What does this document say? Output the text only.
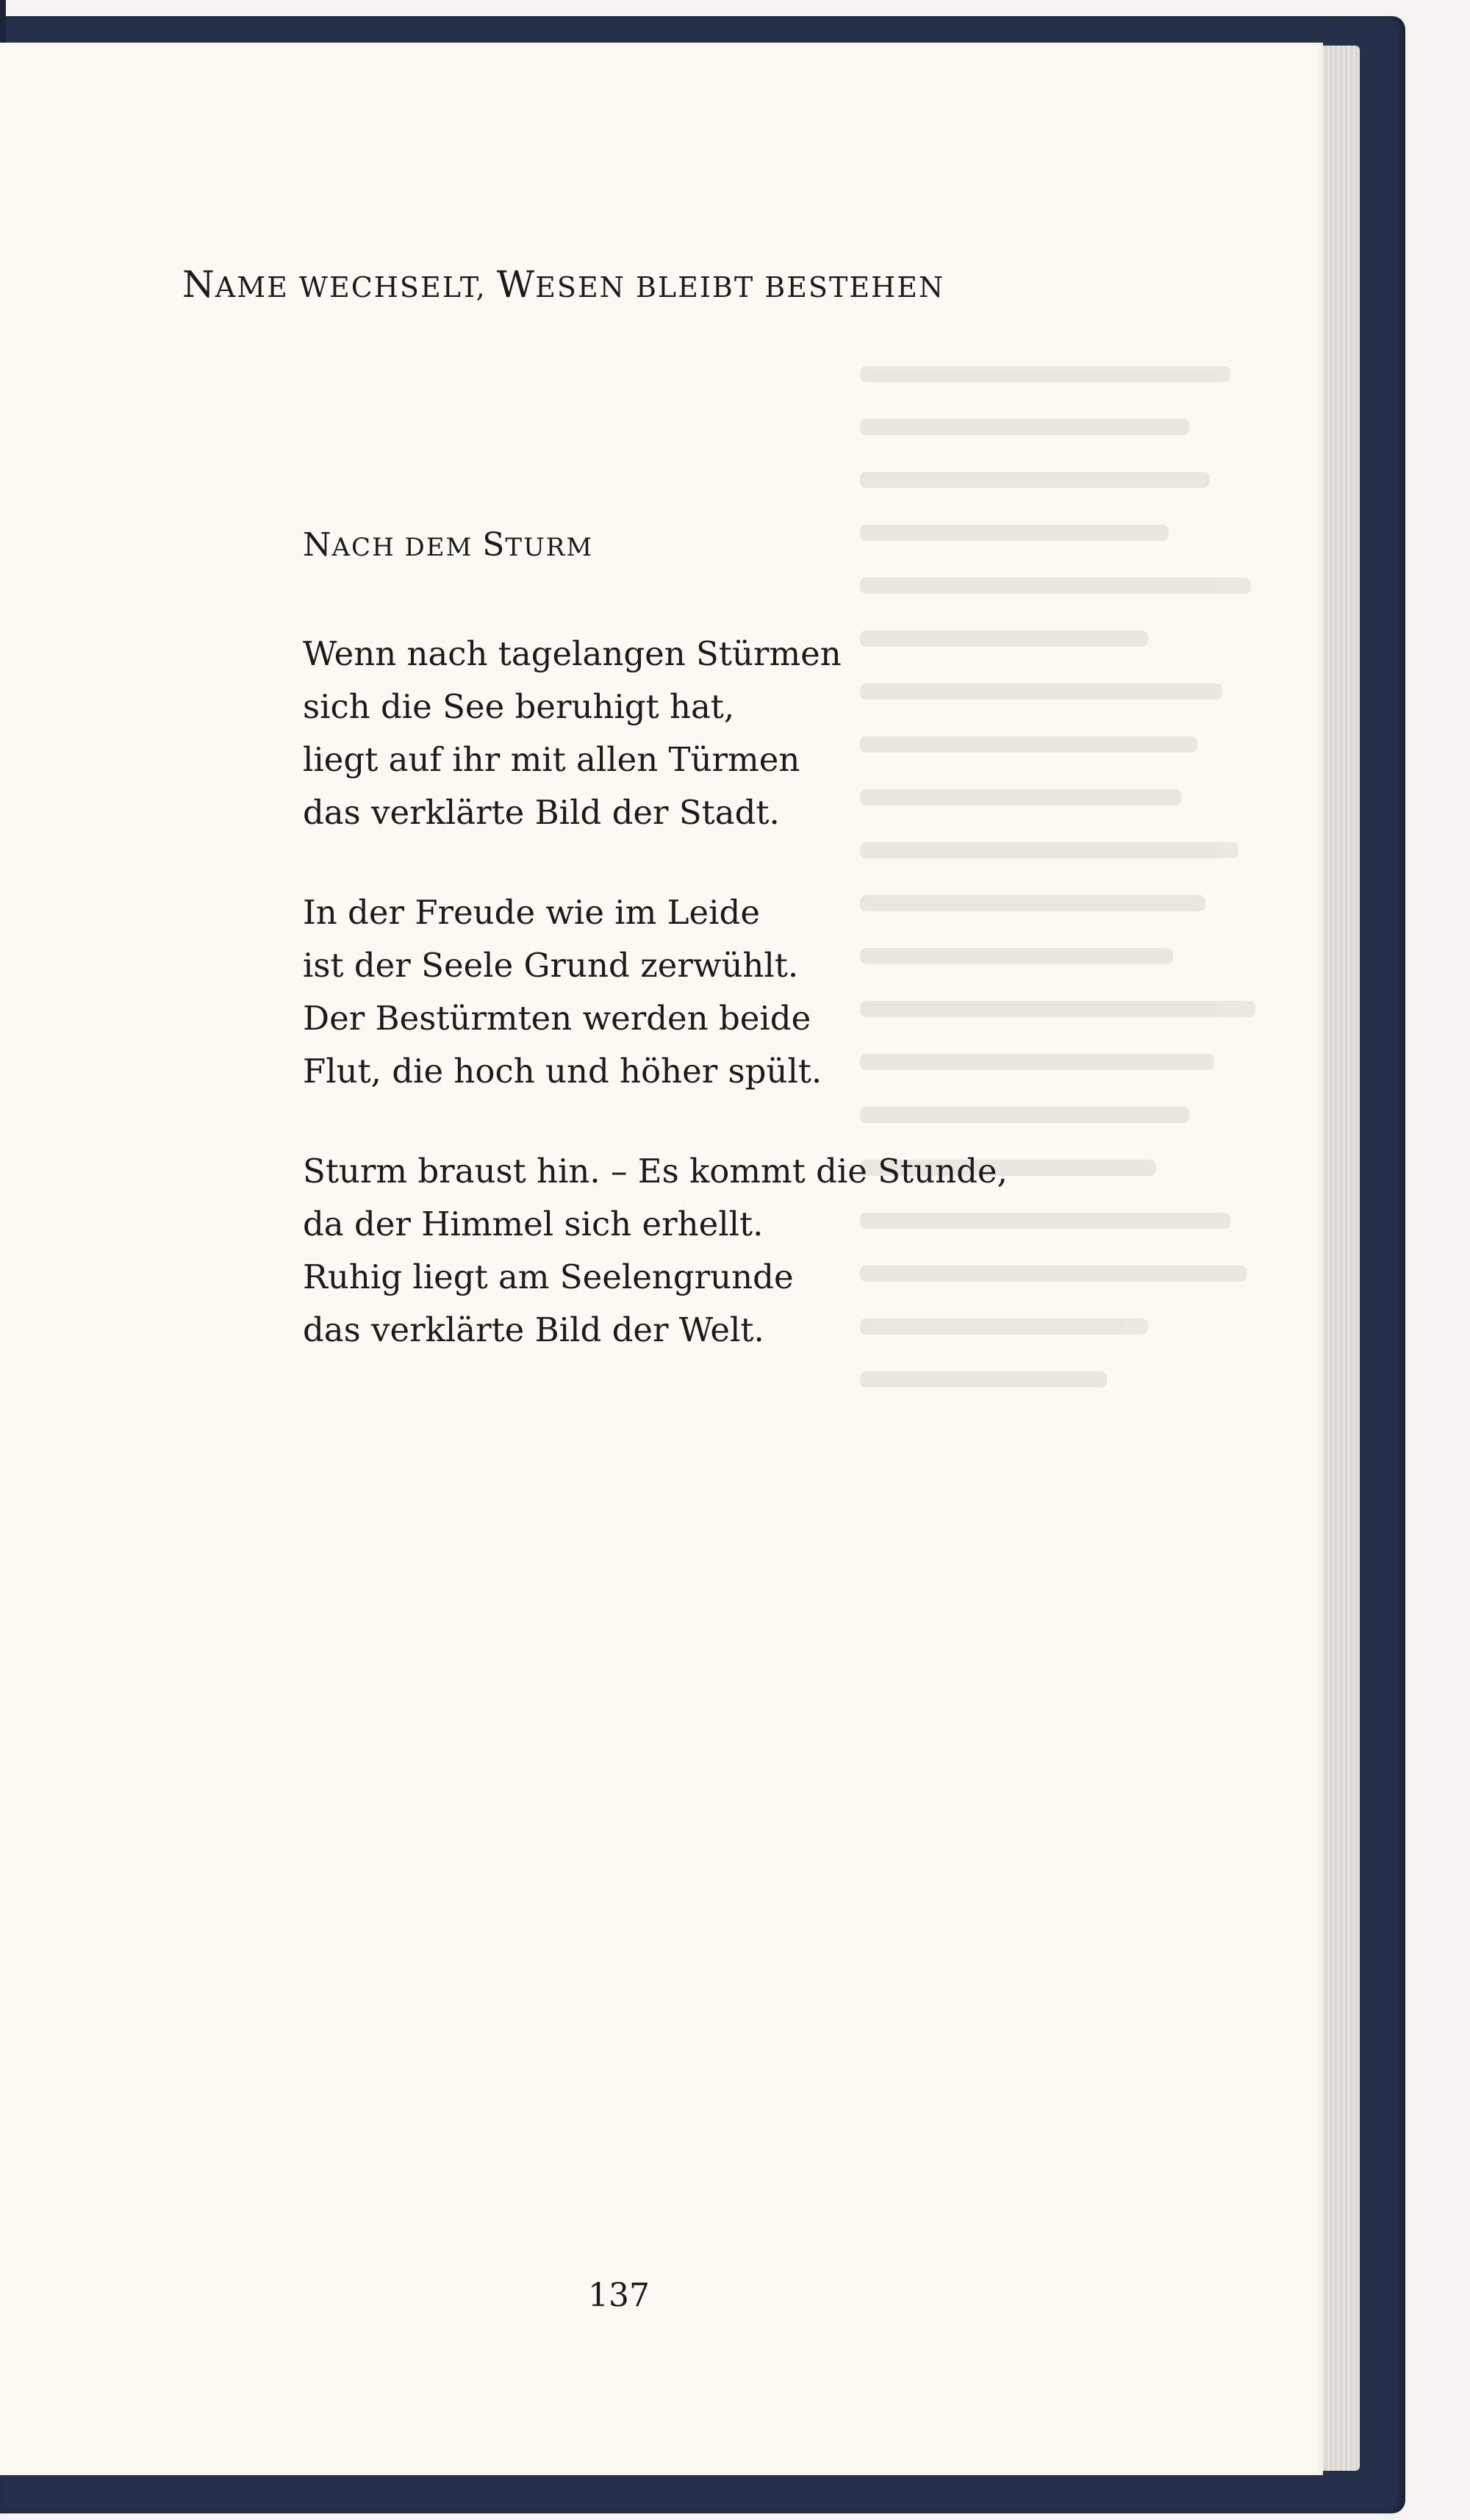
NAME WECHSELT, WESEN BLEIBT BESTEHEN
NACH DEM STURM
Wenn nach tagelangen Stürmen
sich die See beruhigt hat,
liegt auf ihr mit allen Türmen
das verklärte Bild der Stadt.
In der Freude wie im Leide
ist der Seele Grund zerwühlt.
Der Bestürmten werden beide
Flut, die hoch und höher spült.
Sturm braust hin. – Es kommt die Stunde,
da der Himmel sich erhellt.
Ruhig liegt am Seelengrunde
das verklärte Bild der Welt.
137
